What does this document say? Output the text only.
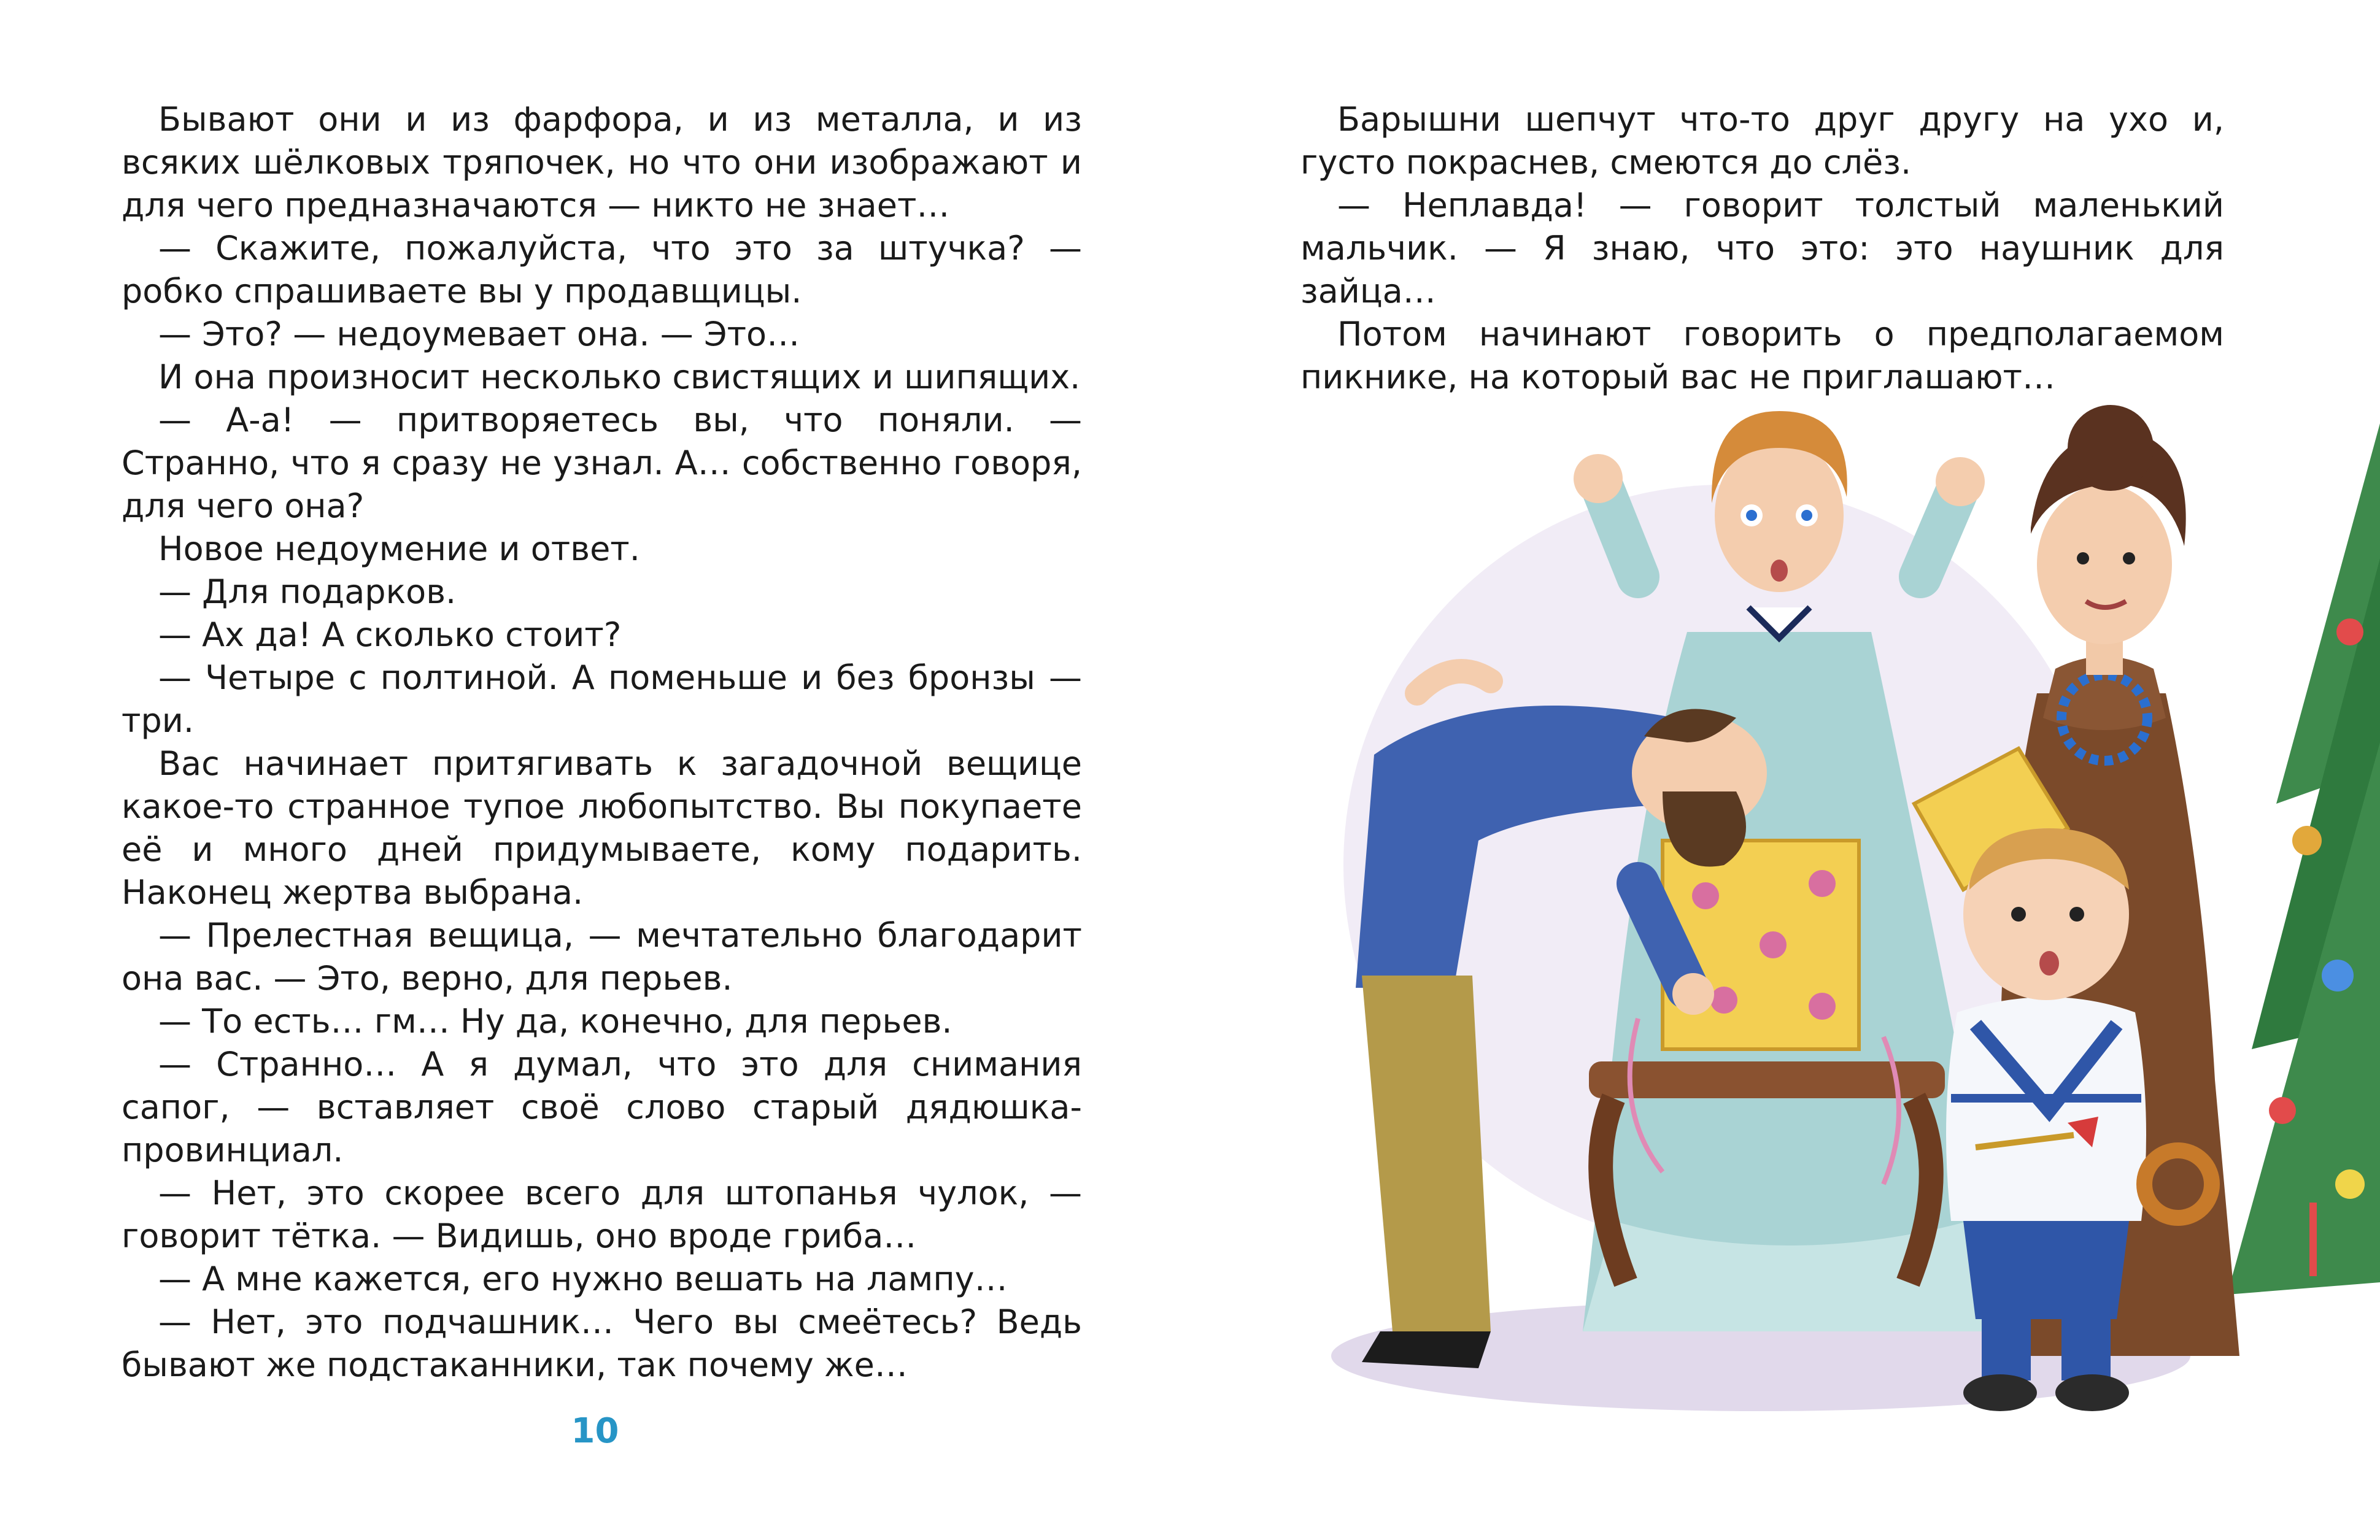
Бывают они и из фарфора, и из металла, и из всяких шёлковых тряпочек, но что они изображают и для чего предназначаются — никто не знает…

— Скажите, пожалуйста, что это за штучка? — робко спрашиваете вы у продавщицы.

— Это? — недоумевает она. — Это…

И она произносит несколько свистящих и шипящих.

— А-а! — притворяетесь вы, что поняли. — Странно, что я сразу не узнал. А… собственно говоря, для чего она?

Новое недоумение и ответ.

— Для подарков.

— Ах да! А сколько стоит?

— Четыре с полтиной. А поменьше и без бронзы — три.

Вас начинает притягивать к загадочной вещице какое-то странное тупое любопытство. Вы покупаете её и много дней придумываете, кому подарить. Наконец жертва выбрана.

— Прелестная вещица, — мечтательно благодарит она вас. — Это, верно, для перьев.

— То есть… гм… Ну да, конечно, для перьев.

— Странно… А я думал, что это для снимания сапог, — вставляет своё слово старый дядюшка-провинциал.

— Нет, это скорее всего для штопанья чулок, — говорит тётка. — Видишь, оно вроде гриба…

— А мне кажется, его нужно вешать на лампу…

— Нет, это подчашник… Чего вы смеётесь? Ведь бывают же подстаканники, так почему же…

10

Барышни шепчут что-то друг другу на ухо и, густо покраснев, смеются до слёз.

— Неплавда! — говорит толстый маленький мальчик. — Я знаю, что это: это наушник для зайца…

Потом начинают говорить о предполагаемом пикнике, на который вас не приглашают…
